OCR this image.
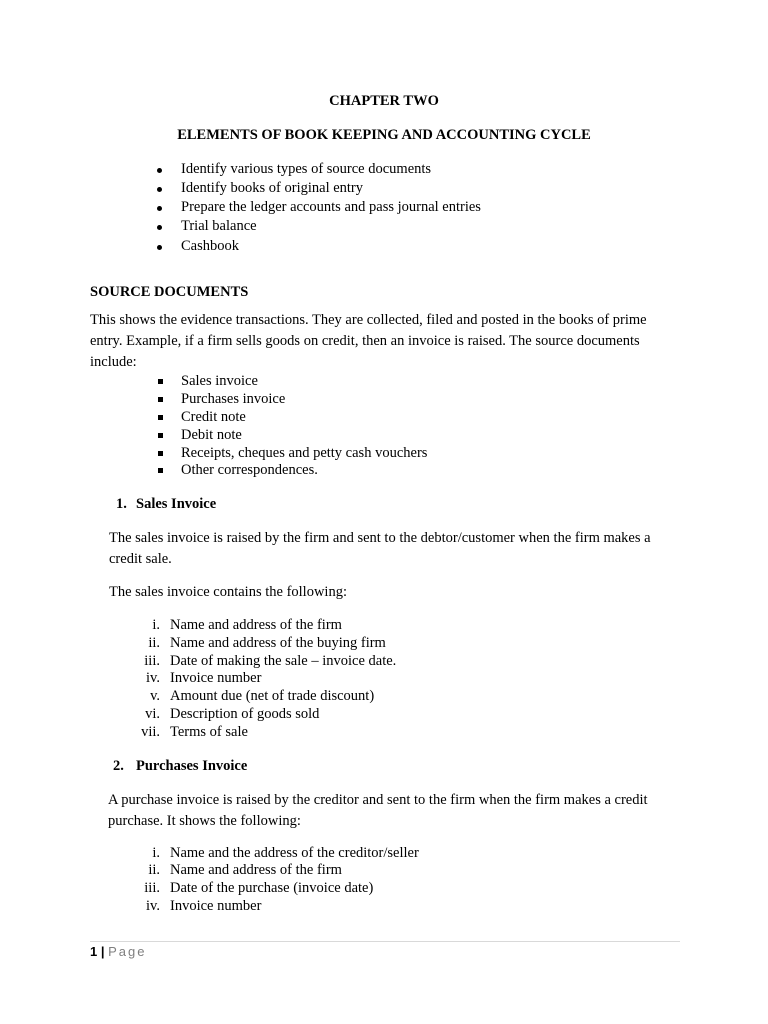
CHAPTER TWO
ELEMENTS OF BOOK KEEPING AND ACCOUNTING CYCLE
Identify various types of source documents
Identify books of original entry
Prepare the ledger accounts and pass journal entries
Trial balance
Cashbook
SOURCE DOCUMENTS
This shows the evidence transactions. They are collected, filed and posted in the books of prime
entry. Example, if a firm sells goods on credit, then an invoice is raised. The source documents
include:
Sales invoice
Purchases invoice
Credit note
Debit note
Receipts, cheques and petty cash vouchers
Other correspondences.
1. Sales Invoice
The sales invoice is raised by the firm and sent to the debtor/customer when the firm makes a
credit sale.
The sales invoice contains the following:
i. Name and address of the firm
ii. Name and address of the buying firm
iii. Date of making the sale – invoice date.
iv. Invoice number
v. Amount due (net of trade discount)
vi. Description of goods sold
vii. Terms of sale
2. Purchases Invoice
A purchase invoice is raised by the creditor and sent to the firm when the firm makes a credit
purchase. It shows the following:
i. Name and the address of the creditor/seller
ii. Name and address of the firm
iii. Date of the purchase (invoice date)
iv. Invoice number
1 | Page
